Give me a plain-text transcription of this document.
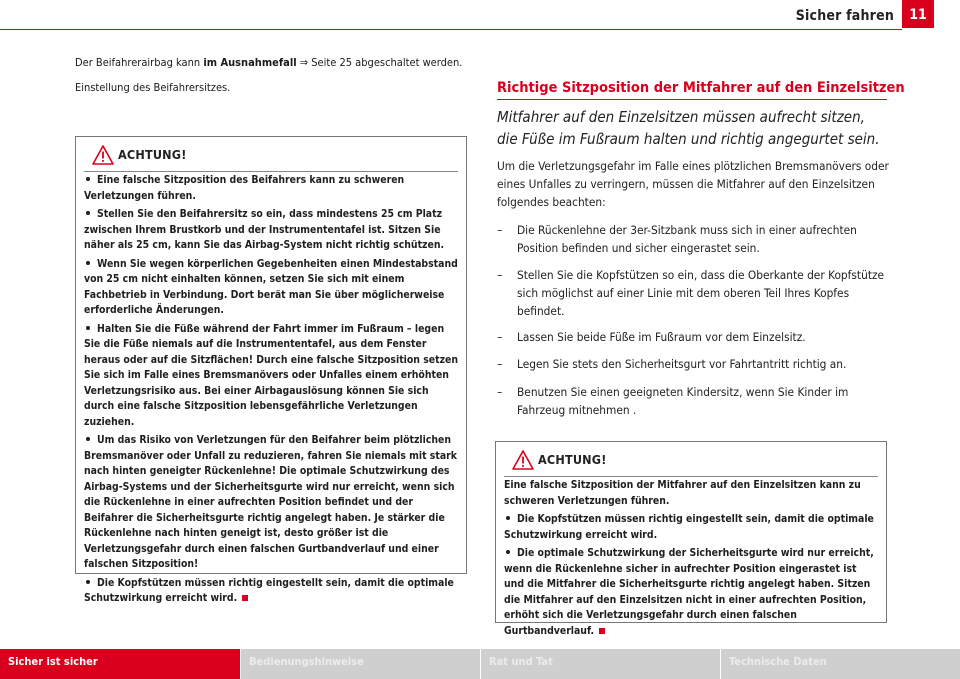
Sicher fahren	11
Der Beifahrerairbag kann im Ausnahmefall ⇒ Seite 25 abgeschaltet werden.
Einstellung des Beifahrersitzes.
ACHTUNG!

Eine falsche Sitzposition des Beifahrers kann zu schweren Verletzungen führen.

Stellen Sie den Beifahrersitz so ein, dass mindestens 25 cm Platz zwischen Ihrem Brustkorb und der Instrumententafel ist. Sitzen Sie näher als 25 cm, kann Sie das Airbag-System nicht richtig schützen.

Wenn Sie wegen körperlichen Gegebenheiten einen Mindestabstand von 25 cm nicht einhalten können, setzen Sie sich mit einem Fachbetrieb in Verbindung. Dort berät man Sie über möglicherweise erforderliche Änderungen.

Halten Sie die Füße während der Fahrt immer im Fußraum – legen Sie die Füße niemals auf die Instrumententafel, aus dem Fenster heraus oder auf die Sitzflächen! Durch eine falsche Sitzposition setzen Sie sich im Falle eines Bremsmanövers oder Unfalles einem erhöhten Verletzungsrisiko aus. Bei einer Airbagauslösung können Sie sich durch eine falsche Sitzposition lebensgefährliche Verletzungen zuziehen.

Um das Risiko von Verletzungen für den Beifahrer beim plötzlichen Bremsmanöver oder Unfall zu reduzieren, fahren Sie niemals mit stark nach hinten geneigter Rückenlehne! Die optimale Schutzwirkung des Airbag-Systems und der Sicherheitsgurte wird nur erreicht, wenn sich die Rückenlehne in einer aufrechten Position befindet und der Beifahrer die Sicherheitsgurte richtig angelegt haben. Je stärker die Rückenlehne nach hinten geneigt ist, desto größer ist die Verletzungsgefahr durch einen falschen Gurtbandverlauf und einer falschen Sitzposition!

Die Kopfstützen müssen richtig eingestellt sein, damit die optimale Schutzwirkung erreicht wird.

Richtige Sitzposition der Mitfahrer auf den Einzelsitzen
Mitfahrer auf den Einzelsitzen müssen aufrecht sitzen, die Füße im Fußraum halten und richtig angegurtet sein.
Um die Verletzungsgefahr im Falle eines plötzlichen Bremsmanövers oder eines Unfalles zu verringern, müssen die Mitfahrer auf den Einzelsitzen folgendes beachten:
– Die Rückenlehne der 3er-Sitzbank muss sich in einer aufrechten Position befinden und sicher eingerastet sein.
– Stellen Sie die Kopfstützen so ein, dass die Oberkante der Kopfstütze sich möglichst auf einer Linie mit dem oberen Teil Ihres Kopfes befindet.
– Lassen Sie beide Füße im Fußraum vor dem Einzelsitz.
– Legen Sie stets den Sicherheitsgurt vor Fahrtantritt richtig an.
– Benutzen Sie einen geeigneten Kindersitz, wenn Sie Kinder im Fahrzeug mitnehmen .
ACHTUNG!

Eine falsche Sitzposition der Mitfahrer auf den Einzelsitzen kann zu schweren Verletzungen führen.

Die Kopfstützen müssen richtig eingestellt sein, damit die optimale Schutzwirkung erreicht wird.

Die optimale Schutzwirkung der Sicherheitsgurte wird nur erreicht, wenn die Rückenlehne sicher in aufrechter Position eingerastet ist und die Mitfahrer die Sicherheitsgurte richtig angelegt haben. Sitzen die Mitfahrer auf den Einzelsitzen nicht in einer aufrechten Position, erhöht sich die Verletzungsgefahr durch einen falschen Gurtbandverlauf.

Sicher ist sicher	Bedienungshinweise	Rat und Tat	Technische Daten
